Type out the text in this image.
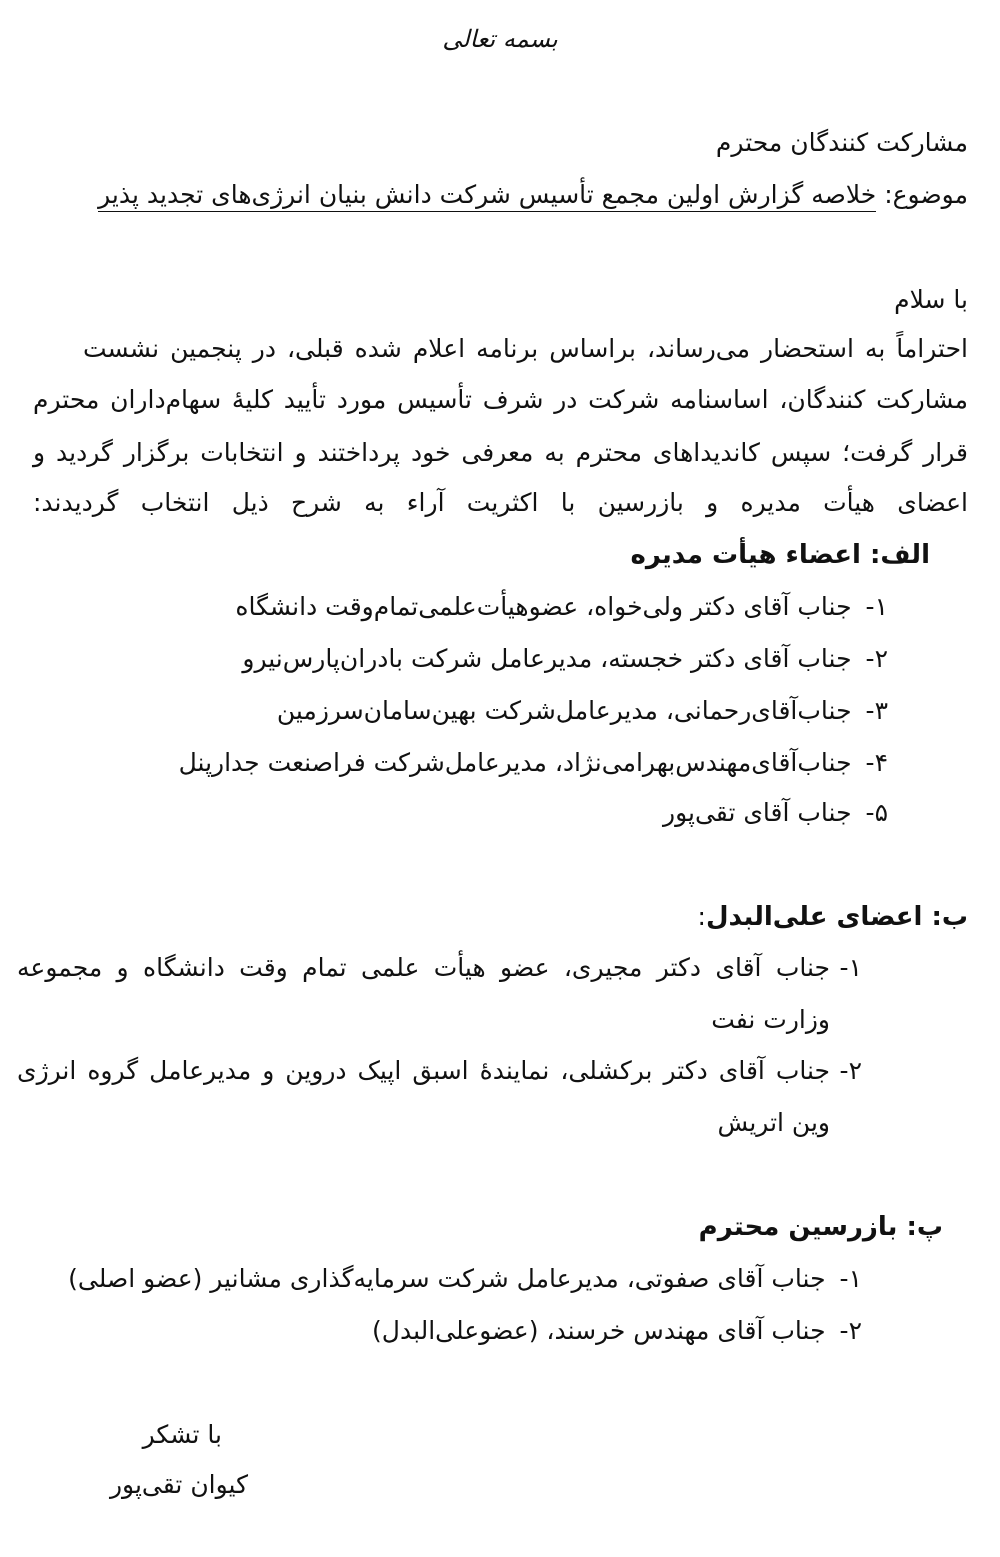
بسمه تعالی
مشارکت کنندگان محترم
موضوع: خلاصه گزارش اولین مجمع تأسیس شرکت دانش بنیان انرژی‌های تجدید پذیر
با سلام
احتراماً به استحضار می‌رساند، براساس برنامه اعلام شده قبلی، در پنجمین نشست
مشارکت کنندگان، اساسنامه شرکت در شرف تأسیس مورد تأیید کلیهٔ سهام‌داران محترم
قرار گرفت؛ سپس کاندیداهای محترم به معرفی خود پرداختند و انتخابات برگزار گردید و
اعضای هیأت مدیره و بازرسین با اکثریت آراء به شرح ذیل انتخاب گردیدند:
الف: اعضاء هیأت مدیره
۱-جناب آقای دکتر ولی‌خواه، عضوهیأت‌علمی‌تمام‌وقت دانشگاه
۲-جناب آقای دکتر خجسته، مدیرعامل شرکت بادران‌پارس‌نیرو
۳-جناب‌آقای‌رحمانی، مدیرعامل‌شرکت بهین‌سامان‌سرزمین
۴-جناب‌آقای‌مهندس‌بهرامی‌نژاد، مدیرعامل‌شرکت فراصنعت جدارپنل
۵-جناب آقای تقی‌پور
ب: اعضای علی‌البدل:
۱-
جناب آقای دکتر مجیری، عضو هیأت علمی تمام وقت دانشگاه و مجموعه
وزارت نفت
۲-
جناب آقای دکتر برکشلی، نمایندهٔ اسبق اپیک دروین و مدیرعامل گروه انرژی
وین اتریش
پ: بازرسین محترم
۱-جناب آقای صفوتی، مدیرعامل شرکت سرمایه‌گذاری مشانیر (عضو اصلی)
۲-جناب آقای مهندس خرسند، (عضوعلی‌البدل)
با تشکر
کیوان تقی‌پور
